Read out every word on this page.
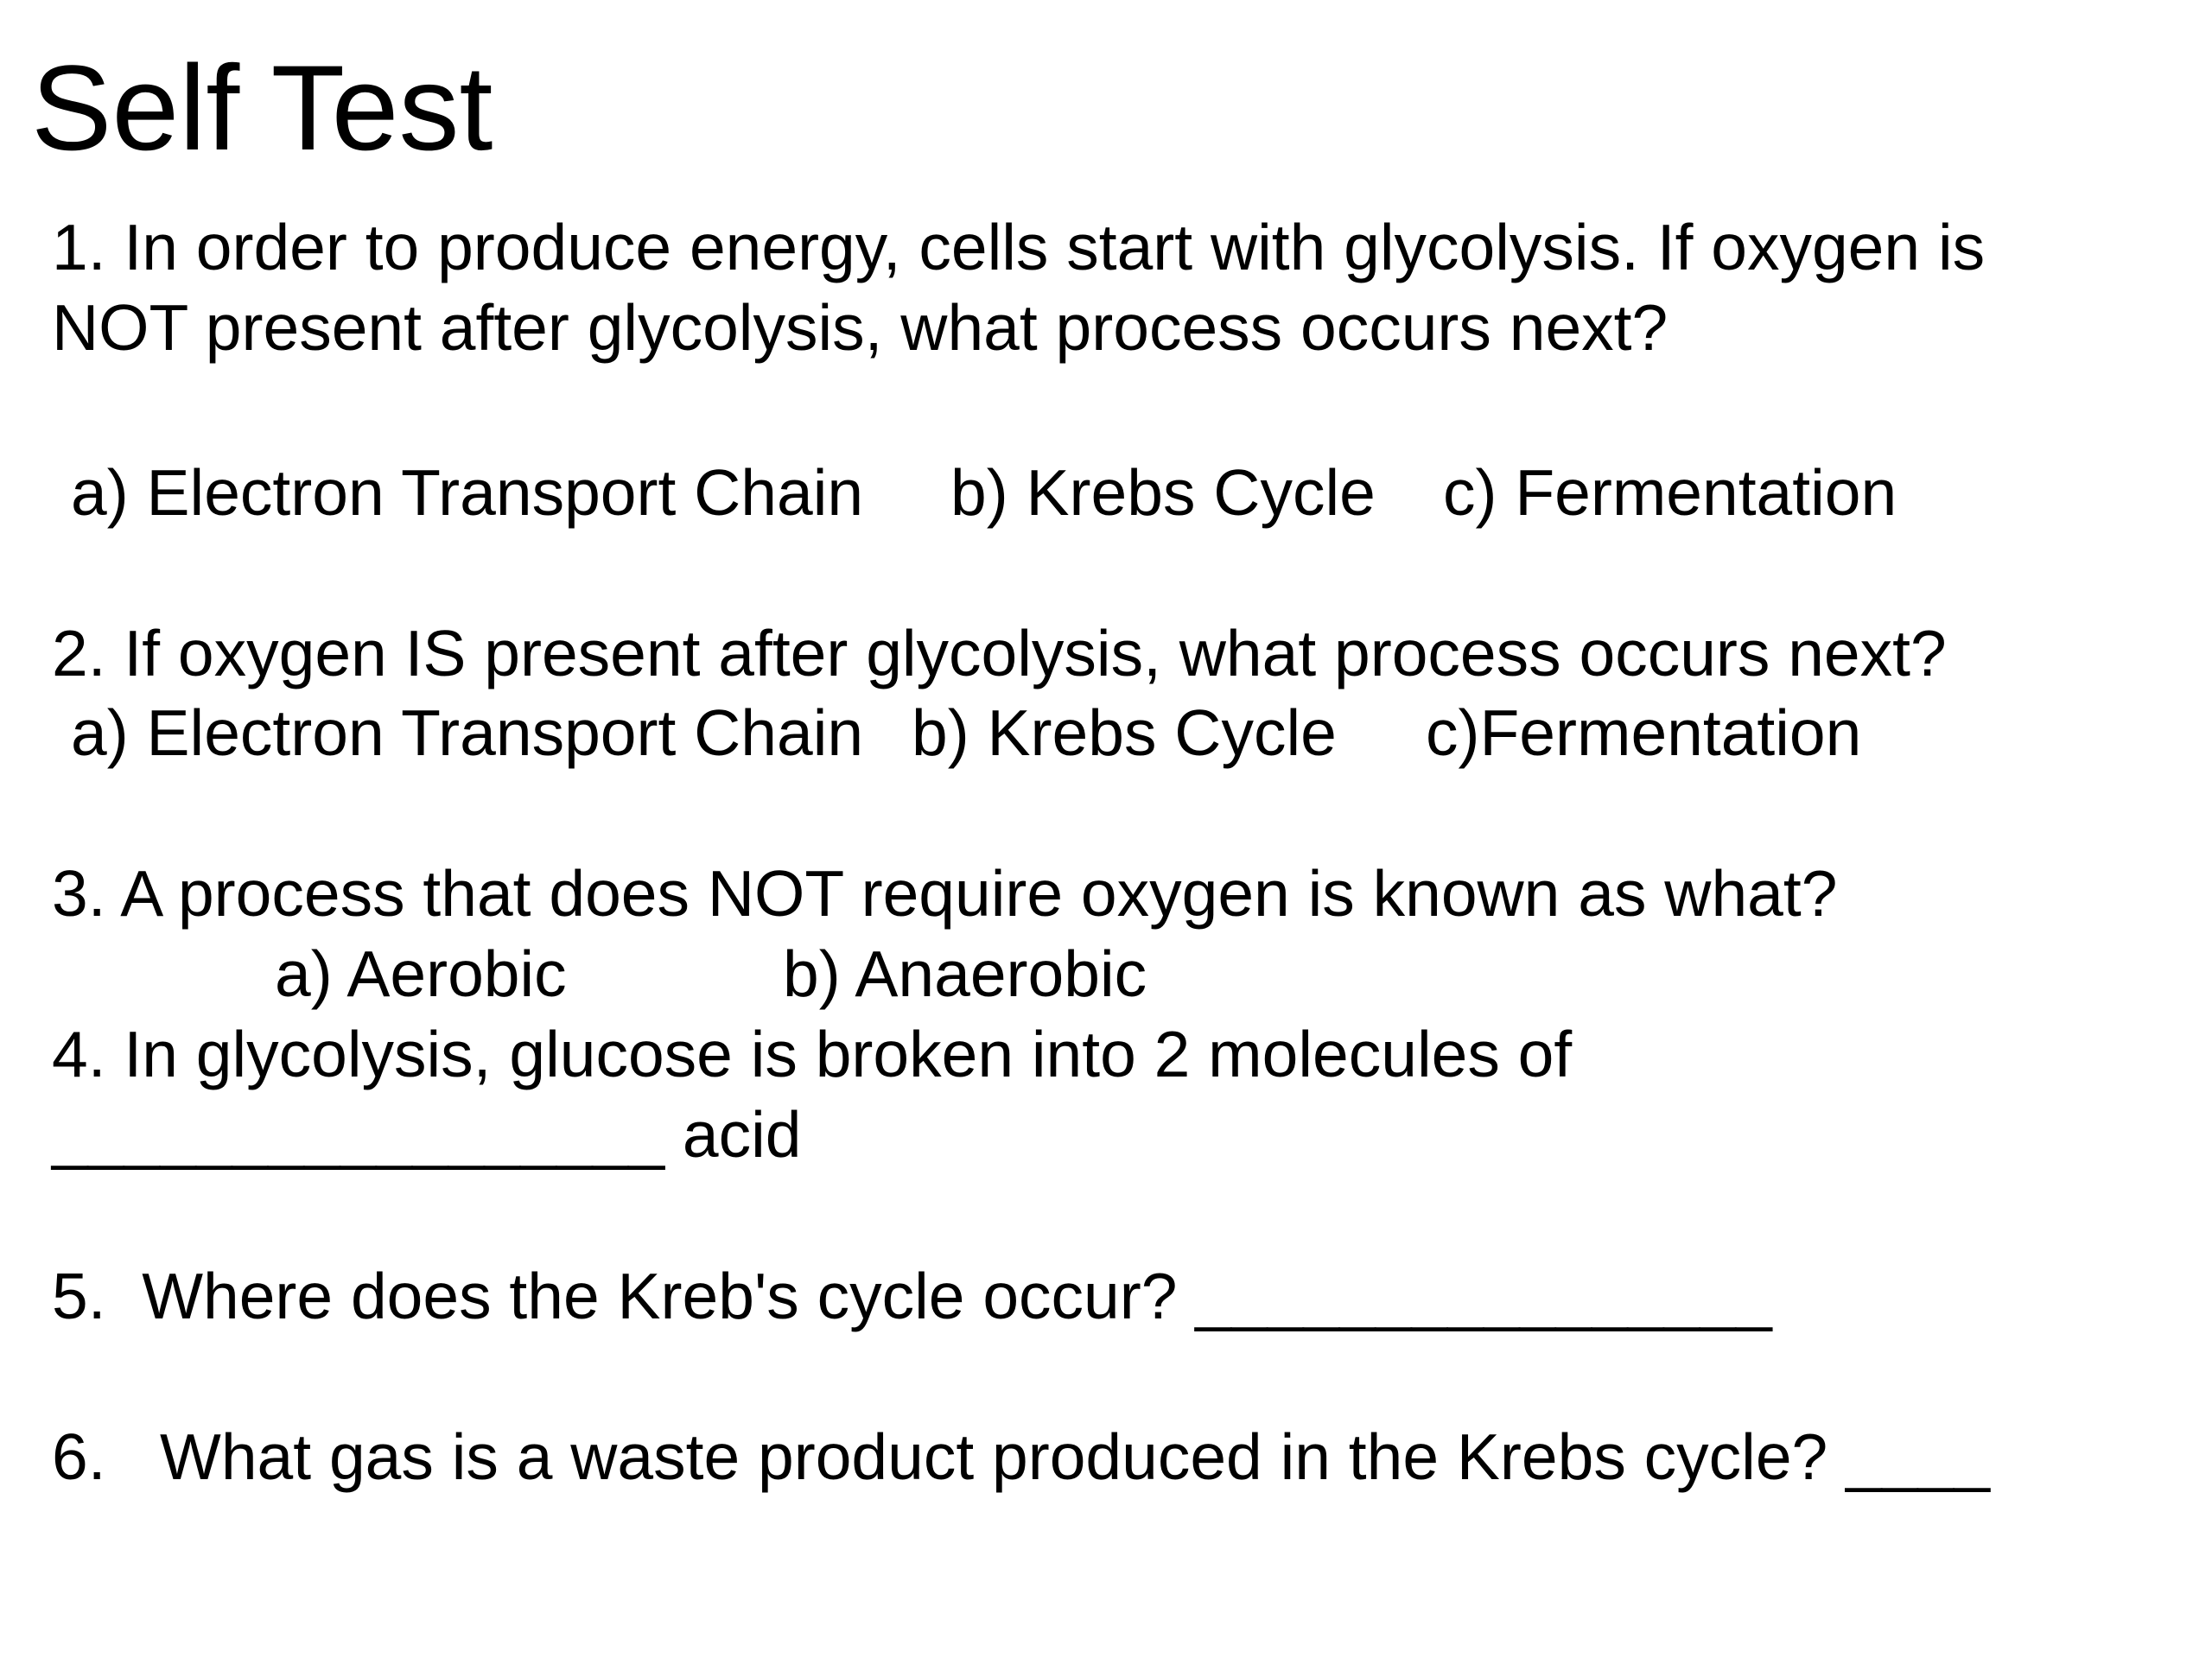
Self Test
1. In order to produce energy, cells start with glycolysis. If oxygen is
NOT present after glycolysis, what process occurs next?
a) Electron Transport Chain b) Krebs Cycle c) Fermentation
2. If oxygen IS present after glycolysis, what process occurs next?
a) Electron Transport Chain b) Krebs Cycle c)Fermentation
3. A process that does NOT require oxygen is known as what?
a) Aerobic	b) Anaerobic
4. In glycolysis, glucose is broken into 2 molecules of
_________________ acid
5.  Where does the Kreb's cycle occur? ________________
6.   What gas is a waste product produced in the Krebs cycle? ____
